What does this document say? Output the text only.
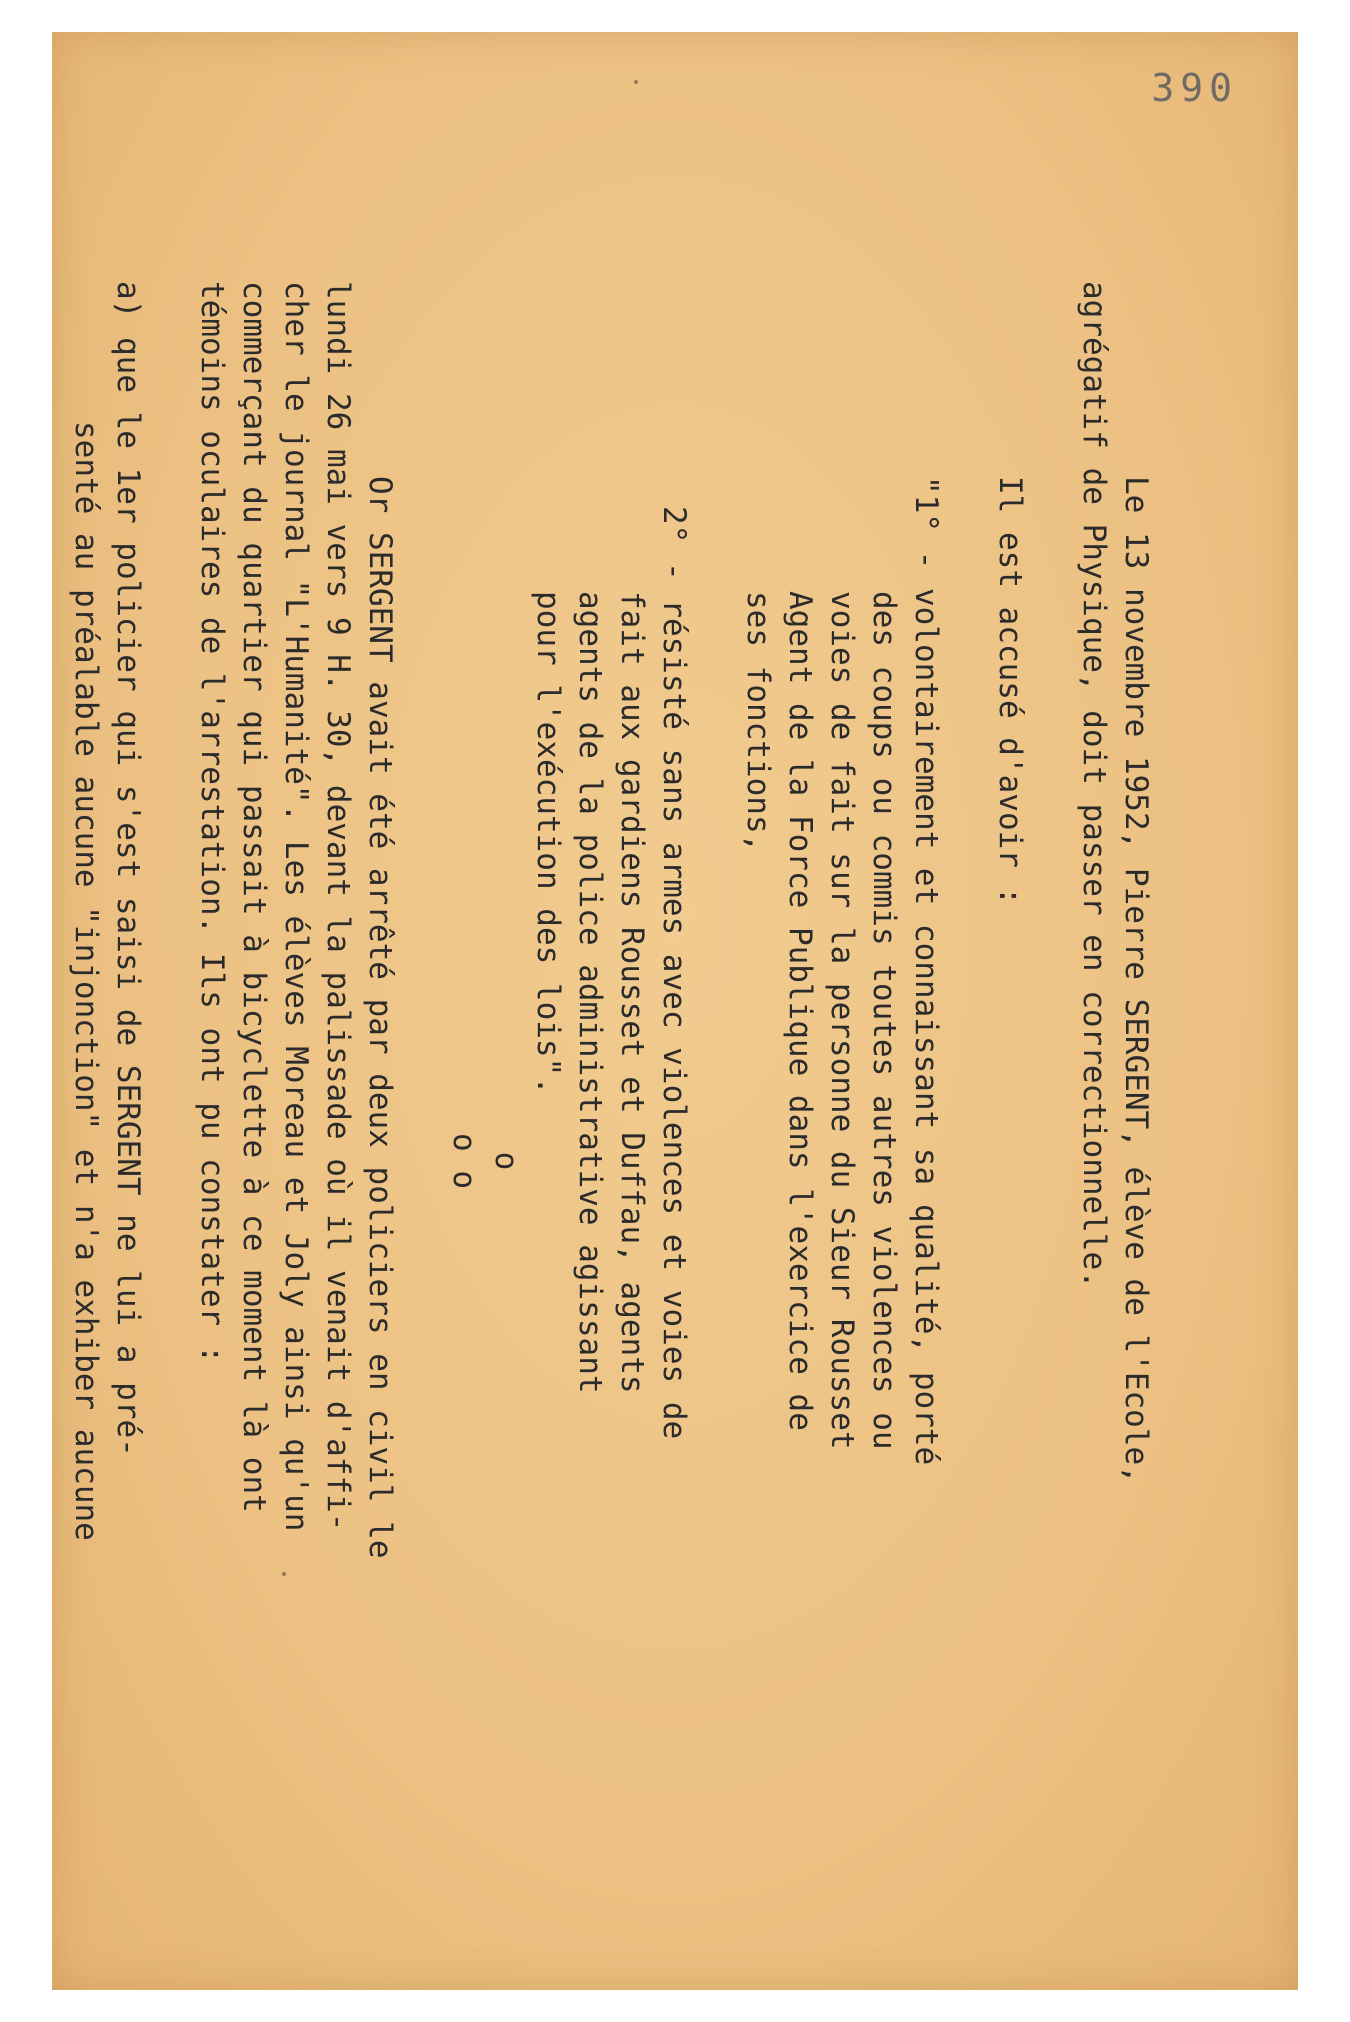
390
Le 13 novembre 1952, Pierre SERGENT, élève de l'Ecole,
agrégatif de Physique, doit passer en correctionnelle.
Il est accusé d'avoir :
"1° - volontairement et connaissant sa qualité, porté
des coups ou commis toutes autres violences ou
voies de fait sur la personne du Sieur Rousset
Agent de la Force Publique dans l'exercice de
ses fonctions,
2° - résisté sans armes avec violences et voies de
fait aux gardiens Rousset et Duffau, agents
agents de la police administrative agissant
pour l'exécution des lois".
o
o o
Or SERGENT avait été arrêté par deux policiers en civil le
lundi 26 mai vers 9 H. 30, devant la palissade où il venait d'affi-
cher le journal "L'Humanité". Les élèves Moreau et Joly ainsi qu'un
commerçant du quartier qui passait à bicyclette à ce moment là ont
témoins oculaires de l'arrestation. Ils ont pu constater :
a) que le 1er policier qui s'est saisi de SERGENT ne lui a pré-
senté au préalable aucune "injonction" et n'a exhiber aucune
